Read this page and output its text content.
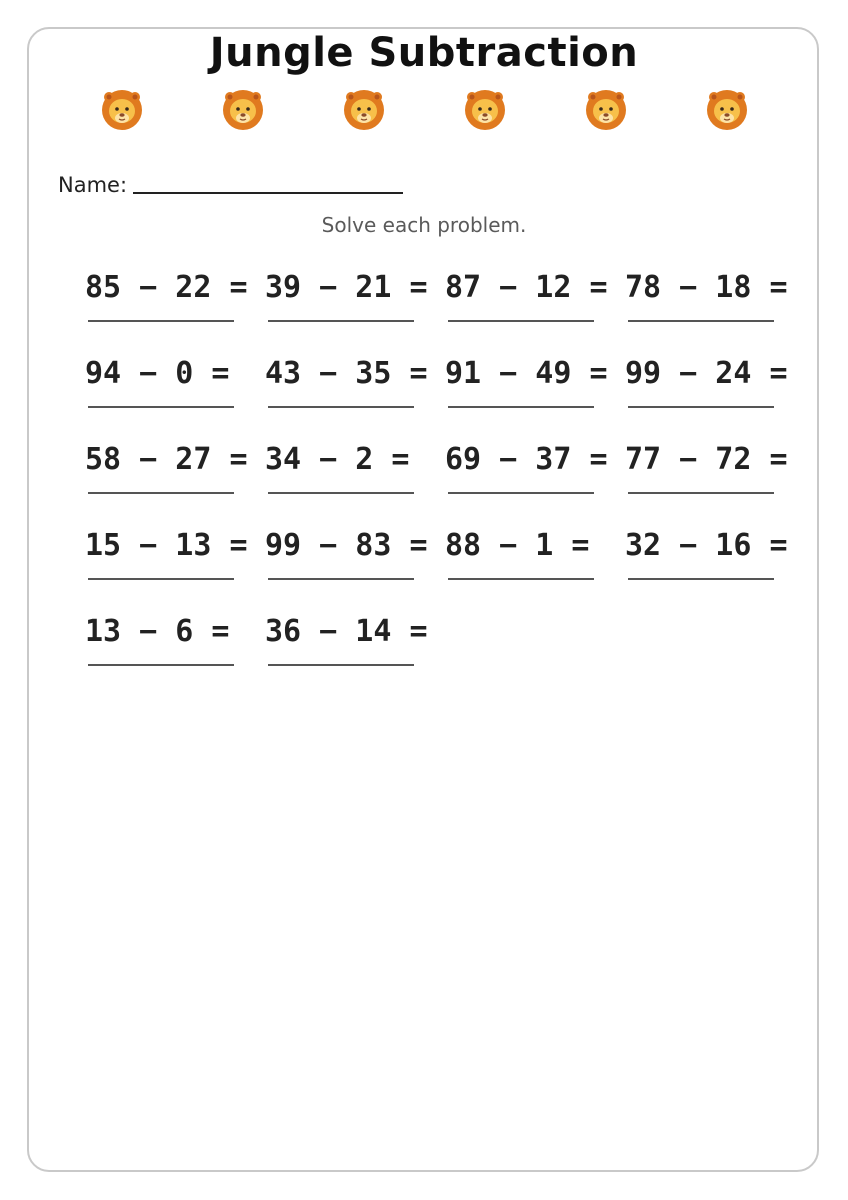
Jungle Subtraction
Name:
Solve each problem.
85 − 22 = 39 − 21 = 87 − 12 = 78 − 18 =
94 − 0 = 43 − 35 = 91 − 49 = 99 − 24 =
58 − 27 = 34 − 2 = 69 − 37 = 77 − 72 =
15 − 13 = 99 − 83 = 88 − 1 = 32 − 16 =
13 − 6 = 36 − 14 =
